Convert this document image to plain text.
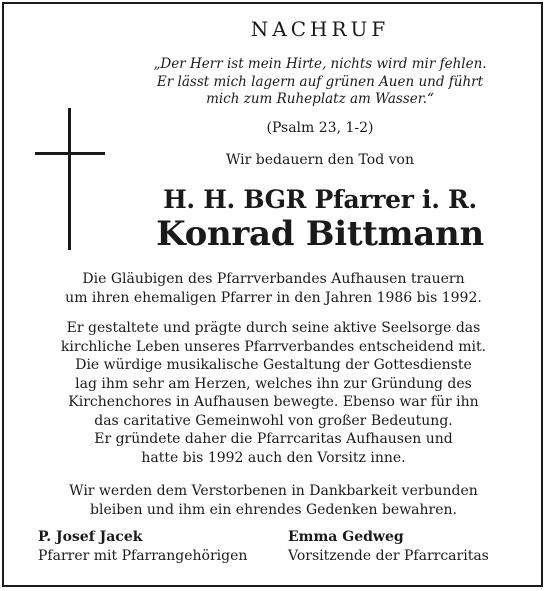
NACHRUF
„Der Herr ist mein Hirte, nichts wird mir fehlen.
Er lässt mich lagern auf grünen Auen und führt
mich zum Ruheplatz am Wasser.“
(Psalm 23, 1-2)
Wir bedauern den Tod von
H. H. BGR Pfarrer i. R.
Konrad Bittmann
Die Gläubigen des Pfarrverbandes Aufhausen trauern
um ihren ehemaligen Pfarrer in den Jahren 1986 bis 1992.
Er gestaltete und prägte durch seine aktive Seelsorge das
kirchliche Leben unseres Pfarrverbandes entscheidend mit.
Die würdige musikalische Gestaltung der Gottesdienste
lag ihm sehr am Herzen, welches ihn zur Gründung des
Kirchenchores in Aufhausen bewegte. Ebenso war für ihn
das caritative Gemeinwohl von großer Bedeutung.
Er gründete daher die Pfarrcaritas Aufhausen und
hatte bis 1992 auch den Vorsitz inne.
Wir werden dem Verstorbenen in Dankbarkeit verbunden
bleiben und ihm ein ehrendes Gedenken bewahren.
P. Josef Jacek
Pfarrer mit Pfarrangehörigen
Emma Gedweg
Vorsitzende der Pfarrcaritas
